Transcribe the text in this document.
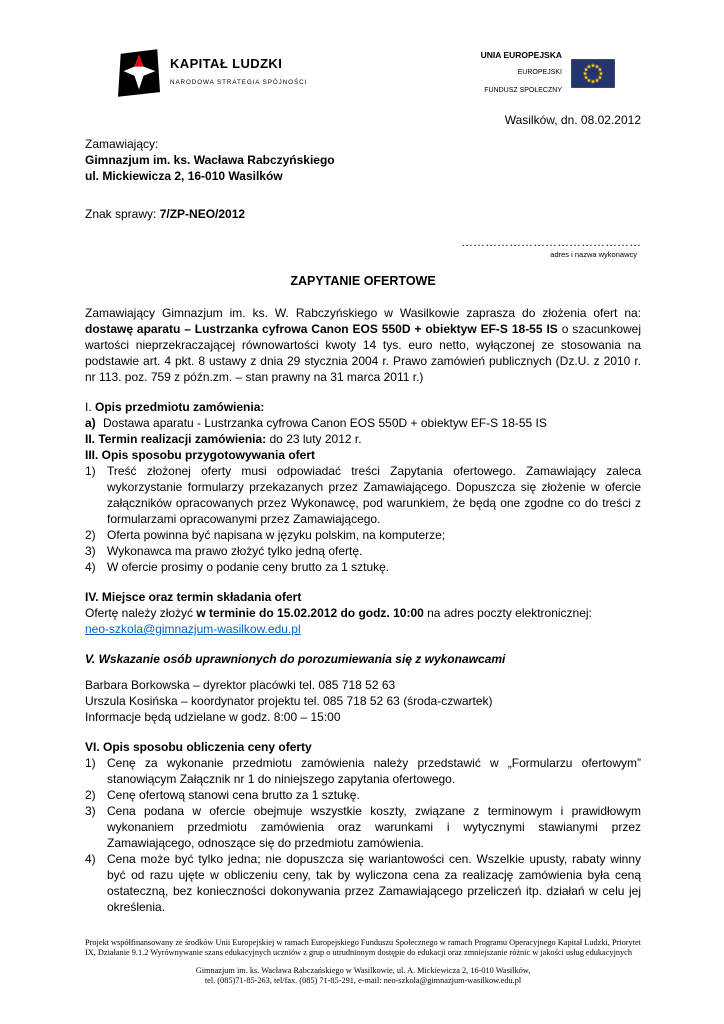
KAPITAŁ LUDZKI
NARODOWA STRATEGIA SPÓJNOŚCI
UNIA EUROPEJSKA
EUROPEJSKI
FUNDUSZ SPOŁECZNY
Wasilków, dn. 08.02.2012
Zamawiający:
Gimnazjum im. ks. Wacława Rabczyńskiego
ul. Mickiewicza 2, 16-010 Wasilków
Znak sprawy: 7/ZP-NEO/2012
………………………………………
adres i nazwa wykonawcy
ZAPYTANIE OFERTOWE
Zamawiający Gimnazjum im. ks. W. Rabczyńskiego w Wasilkowie zaprasza do złożenia ofert na: dostawę aparatu – Lustrzanka cyfrowa Canon EOS 550D + obiektyw EF-S 18-55 IS o szacunkowej wartości nieprzekraczającej równowartości kwoty 14 tys. euro netto, wyłączonej ze stosowania na podstawie art. 4 pkt. 8 ustawy z dnia 29 stycznia 2004 r. Prawo zamówień publicznych (Dz.U. z 2010 r. nr 113. poz. 759 z późn.zm. – stan prawny na 31 marca 2011 r.)
I. Opis przedmiotu zamówienia:
a) Dostawa aparatu - Lustrzanka cyfrowa Canon EOS 550D + obiektyw EF-S 18-55 IS
II. Termin realizacji zamówienia: do 23 luty 2012 r.
III. Opis sposobu przygotowywania ofert
1) Treść złożonej oferty musi odpowiadać treści Zapytania ofertowego. Zamawiający zaleca wykorzystanie formularzy przekazanych przez Zamawiającego. Dopuszcza się złożenie w ofercie załączników opracowanych przez Wykonawcę, pod warunkiem, że będą one zgodne co do treści z formularzami opracowanymi przez Zamawiającego.
2) Oferta powinna być napisana w języku polskim, na komputerze;
3) Wykonawca ma prawo złożyć tylko jedną ofertę.
4) W ofercie prosimy o podanie ceny brutto za 1 sztukę.
IV. Miejsce oraz termin składania ofert
Ofertę należy złożyć w terminie do 15.02.2012 do godz. 10:00 na adres poczty elektronicznej:
neo-szkola@gimnazjum-wasilkow.edu.pl
V. Wskazanie osób uprawnionych do porozumiewania się z wykonawcami
Barbara Borkowska – dyrektor placówki tel. 085 718 52 63
Urszula Kosińska – koordynator projektu tel. 085 718 52 63 (środa-czwartek)
Informacje będą udzielane w godz. 8:00 – 15:00
VI. Opis sposobu obliczenia ceny oferty
1) Cenę za wykonanie przedmiotu zamówienia należy przedstawić w „Formularzu ofertowym” stanowiącym Załącznik nr 1 do niniejszego zapytania ofertowego.
2) Cenę ofertową stanowi cena brutto za 1 sztukę.
3) Cena podana w ofercie obejmuje wszystkie koszty, związane z terminowym i prawidłowym wykonaniem przedmiotu zamówienia oraz warunkami i wytycznymi stawianymi przez Zamawiającego, odnoszące się do przedmiotu zamówienia.
4) Cena może być tylko jedna; nie dopuszcza się wariantowości cen. Wszelkie upusty, rabaty winny być od razu ujęte w obliczeniu ceny, tak by wyliczona cena za realizację zamówienia była ceną ostateczną, bez konieczności dokonywania przez Zamawiającego przeliczeń itp. działań w celu jej określenia.
Projekt współfinansowany ze środków Unii Europejskiej w ramach Europejskiego Funduszu Społecznego w ramach Programu Operacyjnego Kapitał Ludzki, Priorytet IX, Działanie 9.1.2 Wyrównywanie szans edukacyjnych uczniów z grup o utrudnionym dostępie do edukacji oraz zmniejszanie różnic w jakości usług edukacyjnych
Gimnazjum im. ks. Wacława Rabczańskiego w Wasilkowie, ul. A. Mickiewicza 2, 16-010 Wasilków,
tel. (085)71-85-263, tel/fax. (085) 71-85-291, e-mail: neo-szkola@gimnazjum-wasilkow.edu.pl
